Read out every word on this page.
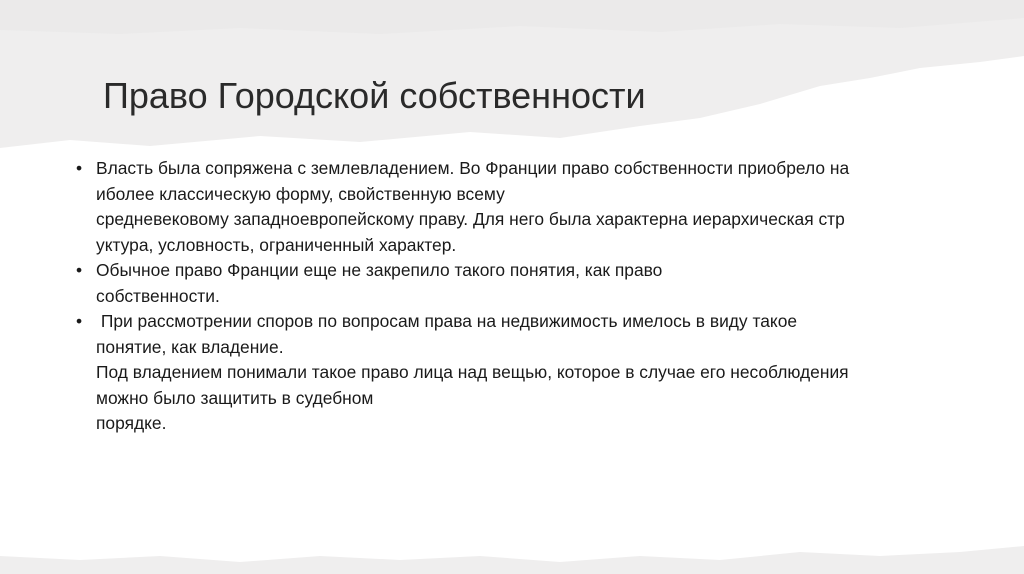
Право Городской собственности
• Власть была сопряжена с землевладением. Во Франции право собственности приобрело на
иболее классическую форму, свойственную всему
средневековому западноевропейскому праву. Для него была характерна иерархическая стр
уктура, условность, ограниченный характер.
• Обычное право Франции еще не закрепило такого понятия, как право
собственности.
• При рассмотрении споров по вопросам права на недвижимость имелось в виду такое
понятие, как владение.
Под владением понимали такое право лица над вещью, которое в случае его несоблюдения
можно было защитить в судебном
порядке.
